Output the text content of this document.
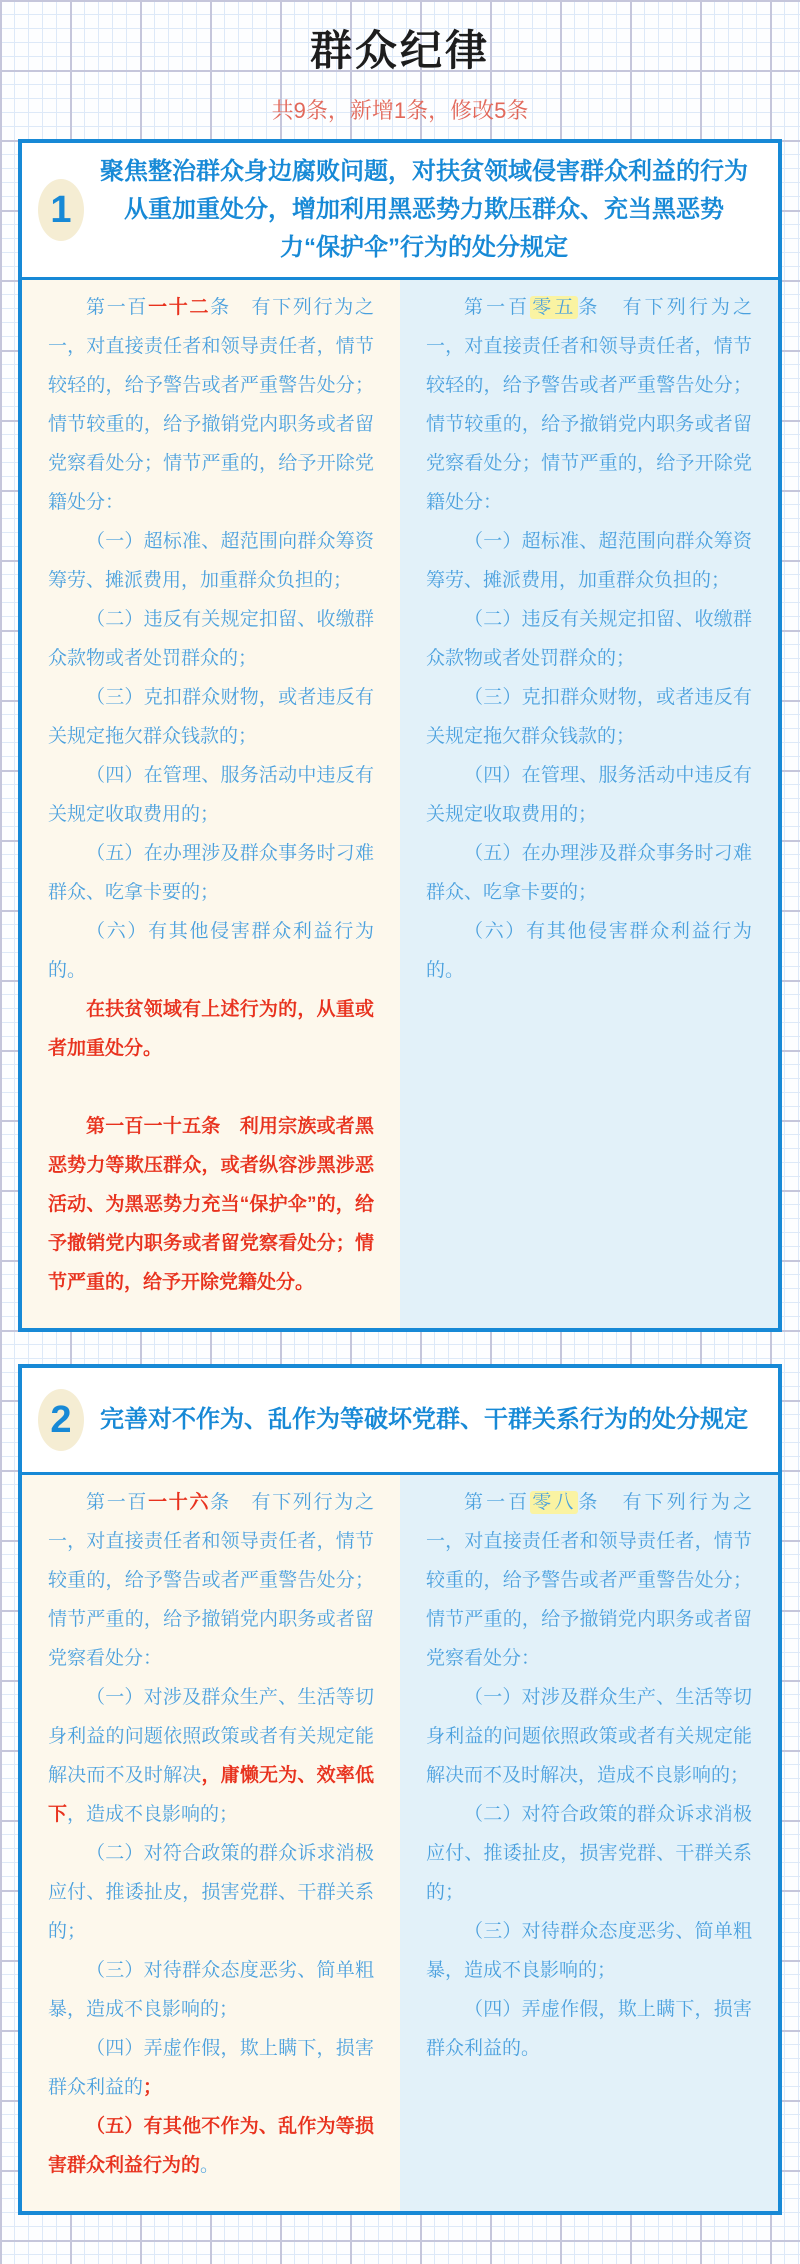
群众纪律
共9条，新增1条，修改5条
1
聚焦整治群众身边腐败问题，对扶贫领域侵害群众利益的行为从重加重处分，增加利用黑恶势力欺压群众、充当黑恶势力“保护伞”行为的处分规定

第一百一十二条　有下列行为之一，对直接责任者和领导责任者，情节较轻的，给予警告或者严重警告处分；情节较重的，给予撤销党内职务或者留党察看处分；情节严重的，给予开除党籍处分：

（一）超标准、超范围向群众筹资筹劳、摊派费用，加重群众负担的；

（二）违反有关规定扣留、收缴群众款物或者处罚群众的；

（三）克扣群众财物，或者违反有关规定拖欠群众钱款的；

（四）在管理、服务活动中违反有关规定收取费用的；

（五）在办理涉及群众事务时刁难群众、吃拿卡要的；

（六）有其他侵害群众利益行为的。

在扶贫领域有上述行为的，从重或者加重处分。

第一百一十五条　利用宗族或者黑恶势力等欺压群众，或者纵容涉黑涉恶活动、为黑恶势力充当“保护伞”的，给予撤销党内职务或者留党察看处分；情节严重的，给予开除党籍处分。

第一百 零五 条　有下列行为之一，对直接责任者和领导责任者，情节较轻的，给予警告或者严重警告处分；情节较重的，给予撤销党内职务或者留党察看处分；情节严重的，给予开除党籍处分：

（一）超标准、超范围向群众筹资筹劳、摊派费用，加重群众负担的；

（二）违反有关规定扣留、收缴群众款物或者处罚群众的；

（三）克扣群众财物，或者违反有关规定拖欠群众钱款的；

（四）在管理、服务活动中违反有关规定收取费用的；

（五）在办理涉及群众事务时刁难群众、吃拿卡要的；

（六）有其他侵害群众利益行为的。

2	完善对不作为、乱作为等破坏党群、干群关系行为的处分规定

第一百一十六条　有下列行为之一，对直接责任者和领导责任者，情节较重的，给予警告或者严重警告处分；情节严重的，给予撤销党内职务或者留党察看处分：

（一）对涉及群众生产、生活等切身利益的问题依照政策或者有关规定能解决而不及时解决，庸懒无为、效率低下，造成不良影响的；

（二）对符合政策的群众诉求消极应付、推诿扯皮，损害党群、干群关系的；

（三）对待群众态度恶劣、简单粗暴，造成不良影响的；

（四）弄虚作假，欺上瞒下，损害群众利益的；

（五）有其他不作为、乱作为等损害群众利益行为的。

第一百 零八 条　有下列行为之一，对直接责任者和领导责任者，情节较重的，给予警告或者严重警告处分；情节严重的，给予撤销党内职务或者留党察看处分：

（一）对涉及群众生产、生活等切身利益的问题依照政策或者有关规定能解决而不及时解决，造成不良影响的；

（二）对符合政策的群众诉求消极应付、推诿扯皮，损害党群、干群关系的；

（三）对待群众态度恶劣、简单粗暴，造成不良影响的；

（四）弄虚作假，欺上瞒下，损害群众利益的。
